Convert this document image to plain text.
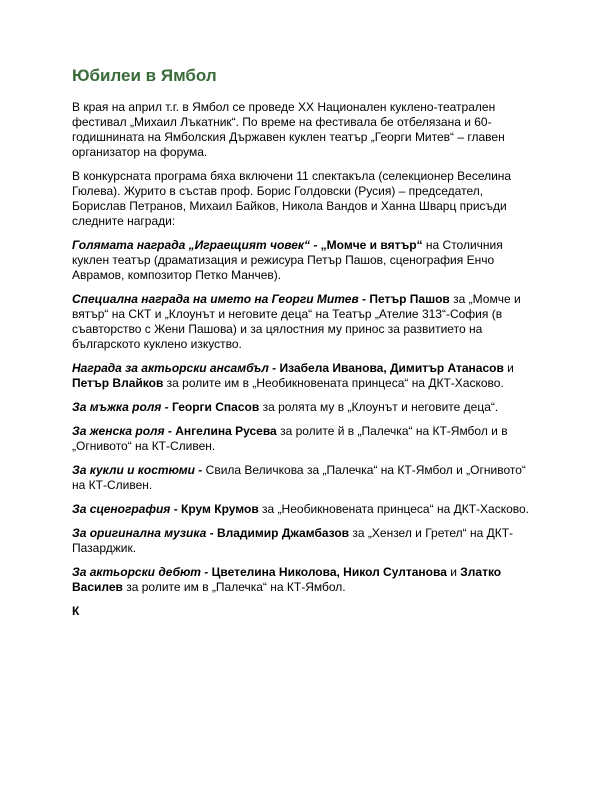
Юбилеи в Ямбол

В края на април т.г. в Ямбол се проведе XX Национален куклено-театрален фестивал „Михаил Лъкатник“. По време на фестивала бе отбелязана и 60-годишнината на Ямболския Държавен куклен театър „Георги Митев“ – главен организатор на форума.

В конкурсната програма бяха включени 11 спектакъла (селекционер Веселина Гюлева). Журито в състав проф. Борис Голдовски (Русия) – председател, Борислав Петранов, Михаил Байков, Никола Вандов и Ханна Шварц присъди следните награди:

Голямата награда „Играещият човек“ - „Момче и вятър“ на Столичния куклен театър (драматизация и режисура Петър Пашов, сценография Енчо Аврамов, композитор Петко Манчев).

Специална награда на името на Георги Митев - Петър Пашов за „Момче и вятър“ на СКТ и „Клоунът и неговите деца“ на Театър „Ателие 313“-София (в съавторство с Жени Пашова) и за цялостния му принос за развитието на българското куклено изкуство.

Награда за актьорски ансамбъл - Изабела Иванова, Димитър Атанасов и Петър Влайков за ролите им в „Необикновената принцеса“ на ДКТ-Хасково.

За мъжка роля - Георги Спасов за ролята му в „Клоунът и неговите деца“.

За женска роля - Ангелина Русева за ролите й в „Палечка“ на КТ-Ямбол и в „Огнивото“ на КТ-Сливен.

За кукли и костюми - Свила Величкова за „Палечка“ на КТ-Ямбол и „Огнивото“ на КТ-Сливен.

За сценография - Крум Крумов за „Необикновената принцеса“ на ДКТ-Хасково.

За оригинална музика - Владимир Джамбазов за „Хензел и Гретел“ на ДКТ-Пазарджик.

За актьорски дебют - Цветелина Николова, Никол Султанова и Златко Василев за ролите им в „Палечка“ на КТ-Ямбол.

К
